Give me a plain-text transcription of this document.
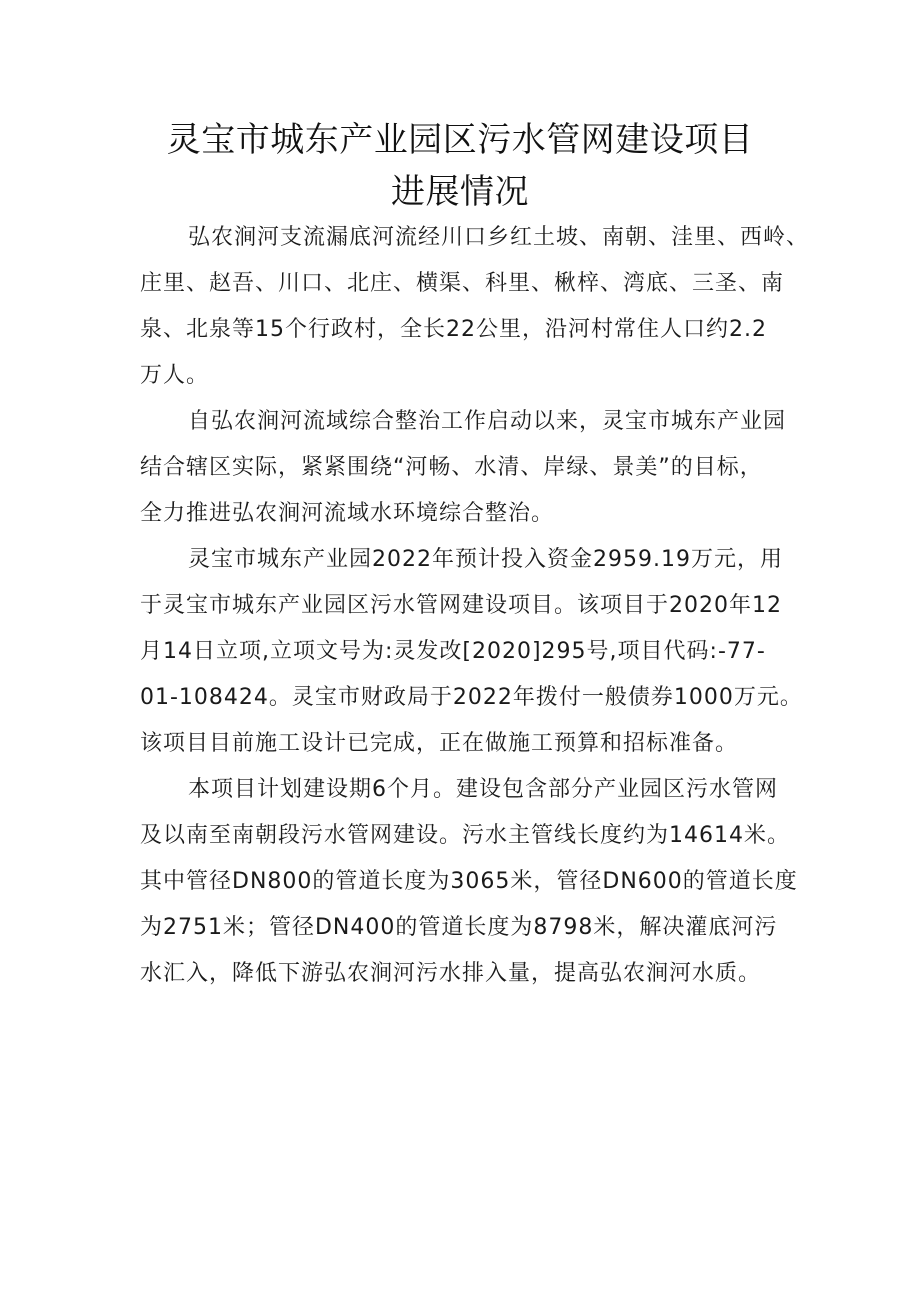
灵宝市城东产业园区污水管网建设项目
进展情况

弘农涧河支流漏底河流经川口乡红土坡、南朝、洼里、西岭、

庄里、赵吾、川口、北庄、横渠、科里、楸梓、湾底、三圣、南

泉、北泉等15个行政村，全长22公里，沿河村常住人口约2.2

万人。

自弘农涧河流域综合整治工作启动以来，灵宝市城东产业园

结合辖区实际，紧紧围绕“河畅、水清、岸绿、景美”的目标，

全力推进弘农涧河流域水环境综合整治。

灵宝市城东产业园2022年预计投入资金2959.19万元，用

于灵宝市城东产业园区污水管网建设项目。该项目于2020年12

月14日立项,立项文号为:灵发改[2020]295号,项目代码:-77-

01-108424。灵宝市财政局于2022年拨付一般债券1000万元。

该项目目前施工设计已完成，正在做施工预算和招标准备。

本项目计划建设期6个月。建设包含部分产业园区污水管网

及以南至南朝段污水管网建设。污水主管线长度约为14614米。

其中管径DN800的管道长度为3065米，管径DN600的管道长度

为2751米；管径DN400的管道长度为8798米，解决灌底河污

水汇入，降低下游弘农涧河污水排入量，提高弘农涧河水质。
